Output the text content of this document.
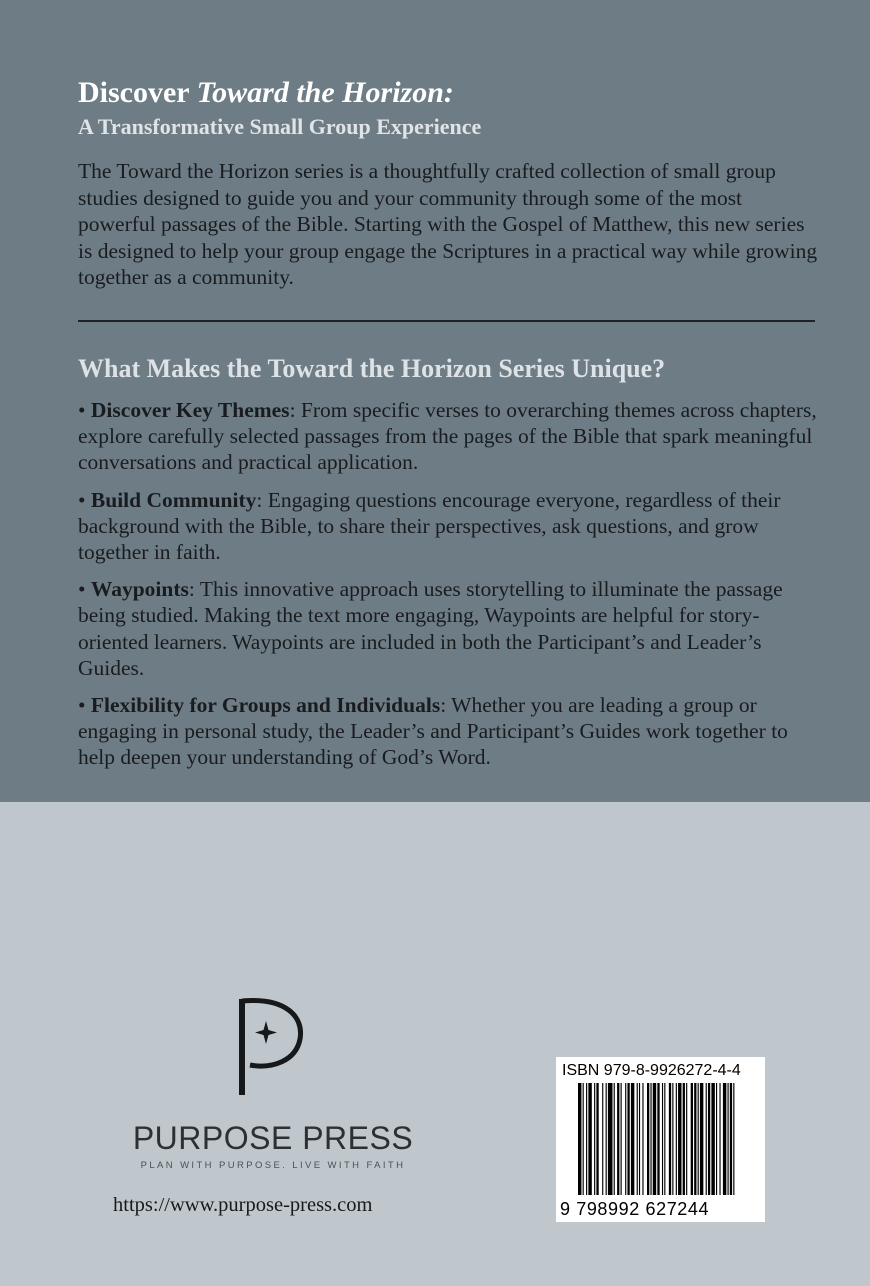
Discover Toward the Horizon:
A Transformative Small Group Experience

The Toward the Horizon series is a thoughtfully crafted collection of small group studies designed to guide you and your community through some of the most powerful passages of the Bible. Starting with the Gospel of Matthew, this new series is designed to help your group engage the Scriptures in a practical way while growing together as a community.

What Makes the Toward the Horizon Series Unique?

• Discover Key Themes: From specific verses to overarching themes across chapters, explore carefully selected passages from the pages of the Bible that spark meaningful conversations and practical application.

• Build Community: Engaging questions encourage everyone, regardless of their background with the Bible, to share their perspectives, ask questions, and grow together in faith.

• Waypoints: This innovative approach uses storytelling to illuminate the passage being studied. Making the text more engaging, Waypoints are helpful for story-oriented learners. Waypoints are included in both the Participant’s and Leader’s Guides.

• Flexibility for Groups and Individuals: Whether you are leading a group or engaging in personal study, the Leader’s and Participant’s Guides work together to help deepen your understanding of God’s Word.

PURPOSE PRESS
PLAN WITH PURPOSE. LIVE WITH FAITH
https://www.purpose-press.com
ISBN 979-8-9926272-4-4
9 798992 627244
